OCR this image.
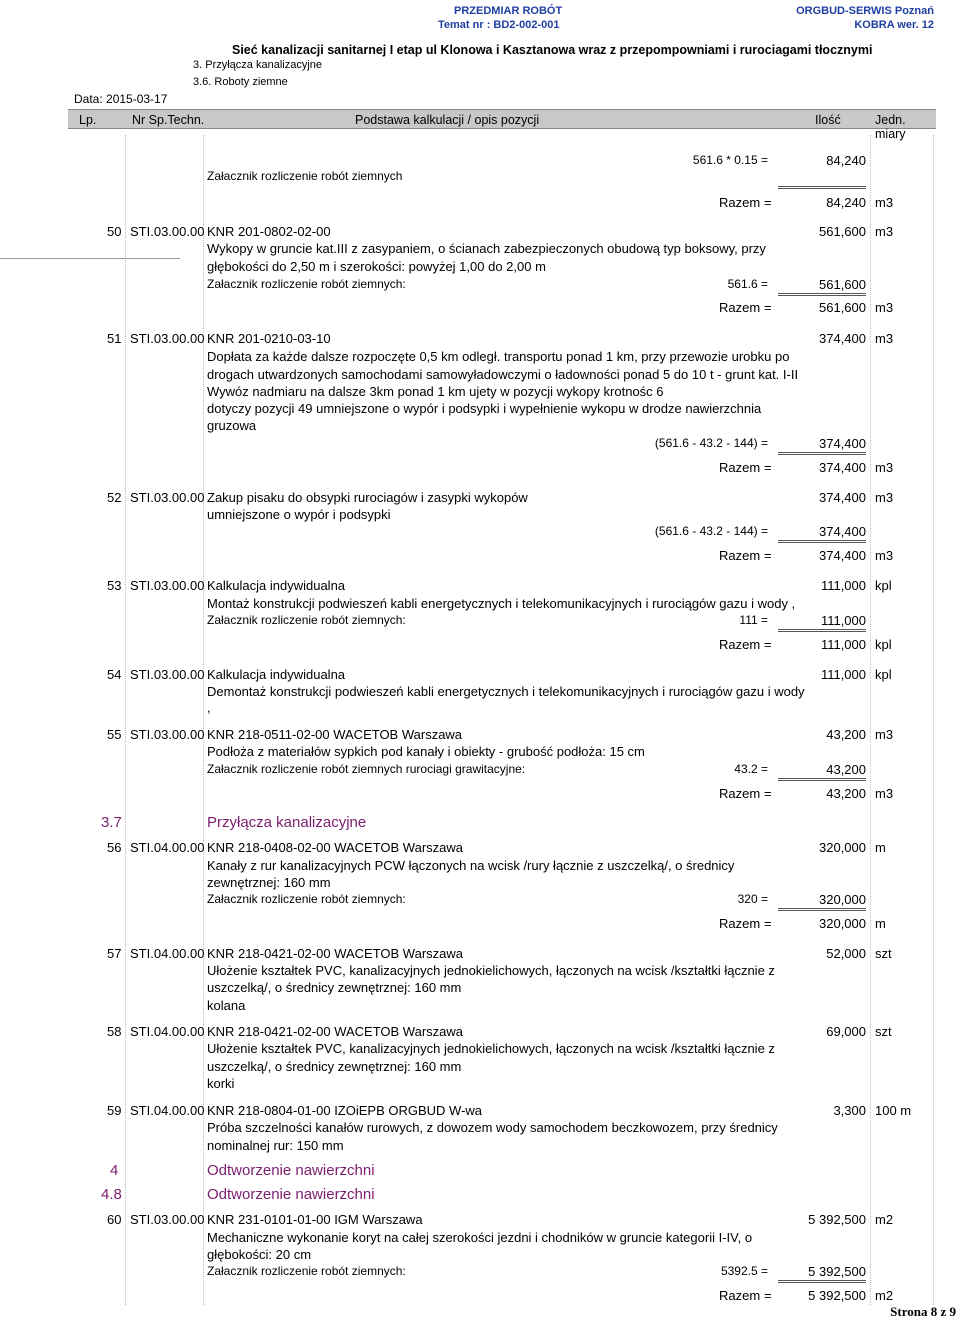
PRZEDMIAR ROBÓT
Temat nr : BD2-002-001
ORGBUD-SERWIS Poznań
KOBRA wer. 12
Sieć kanalizacji sanitarnej I etap ul Klonowa i Kasztanowa wraz z przepompowniami i rurociagami tłocznymi
3. Przyłącza kanalizacyjne
3.6. Roboty ziemne
Data: 2015-03-17
Lp.	Nr Sp.Techn.	Podstawa kalkulacji / opis pozycji	Ilość	Jedn. miary
Załacznik rozliczenie robót ziemnych
561.6 * 0.15 =	84,240
Razem =	84,240 m3
50 STI.03.00.00 KNR 201-0802-02-00	561,600 m3
Wykopy w gruncie kat.III z zasypaniem, o ścianach zabezpieczonych obudową typ boksowy, przy
głębokości do 2,50 m i szerokości: powyżej 1,00 do 2,00 m
Załacznik rozliczenie robót ziemnych:	561.6 =	561,600
Razem =	561,600 m3
51 STI.03.00.00 KNR 201-0210-03-10	374,400 m3
Dopłata za każde dalsze rozpoczęte 0,5 km odległ. transportu ponad 1 km, przy przewozie urobku po
drogach utwardzonych samochodami samowyładowczymi o ładowności ponad 5 do 10 t - grunt kat. I-II
Wywóz nadmiaru na dalsze 3km ponad 1 km ujety w pozycji wykopy krotnośc 6
dotyczy pozycji 49 umniejszone o wypór i podsypki i wypełnienie wykopu w drodze nawierzchnia
gruzowa
(561.6 - 43.2 - 144) =	374,400
Razem =	374,400 m3
52 STI.03.00.00 Zakup pisaku do obsypki rurociagów i zasypki wykopów	374,400 m3
umniejszone o wypór i podsypki
(561.6 - 43.2 - 144) =	374,400
Razem =	374,400 m3
53 STI.03.00.00 Kalkulacja indywidualna	111,000 kpl
Montaż konstrukcji podwieszeń kabli energetycznych i telekomunikacyjnych i rurociągów gazu i wody ,
Załacznik rozliczenie robót ziemnych:	111 =	111,000
Razem =	111,000 kpl
54 STI.03.00.00 Kalkulacja indywidualna	111,000 kpl
Demontaż konstrukcji podwieszeń kabli energetycznych i telekomunikacyjnych i rurociągów gazu i wody
,
55 STI.03.00.00 KNR 218-0511-02-00 WACETOB Warszawa	43,200 m3
Podłoża z materiałów sypkich pod kanały i obiekty - grubość podłoża: 15 cm
Załacznik rozliczenie robót ziemnych rurociagi grawitacyjne:	43.2 =	43,200
Razem =	43,200 m3
3.7	Przyłącza kanalizacyjne
56 STI.04.00.00 KNR 218-0408-02-00 WACETOB Warszawa	320,000 m
Kanały z rur kanalizacyjnych PCW łączonych na wcisk /rury łącznie z uszczelką/, o średnicy
zewnętrznej: 160 mm
Załacznik rozliczenie robót ziemnych:	320 =	320,000
Razem =	320,000 m
57 STI.04.00.00 KNR 218-0421-02-00 WACETOB Warszawa	52,000 szt
Ułożenie kształtek PVC, kanalizacyjnych jednokielichowych, łączonych na wcisk /kształtki łącznie z
uszczelką/, o średnicy zewnętrznej: 160 mm
kolana
58 STI.04.00.00 KNR 218-0421-02-00 WACETOB Warszawa	69,000 szt
Ułożenie kształtek PVC, kanalizacyjnych jednokielichowych, łączonych na wcisk /kształtki łącznie z
uszczelką/, o średnicy zewnętrznej: 160 mm
korki
59 STI.04.00.00 KNR 218-0804-01-00 IZOiEPB ORGBUD W-wa	3,300 100 m
Próba szczelności kanałów rurowych, z dowozem wody samochodem beczkowozem, przy średnicy
nominalnej rur: 150 mm
4	Odtworzenie nawierzchni
4.8	Odtworzenie nawierzchni
60 STI.03.00.00 KNR 231-0101-01-00 IGM Warszawa	5 392,500 m2
Mechaniczne wykonanie koryt na całej szerokości jezdni i chodników w gruncie kategorii I-IV, o
głębokości: 20 cm
Załacznik rozliczenie robót ziemnych:	5392.5 =	5 392,500
Razem =	5 392,500 m2
Strona 8 z 9
